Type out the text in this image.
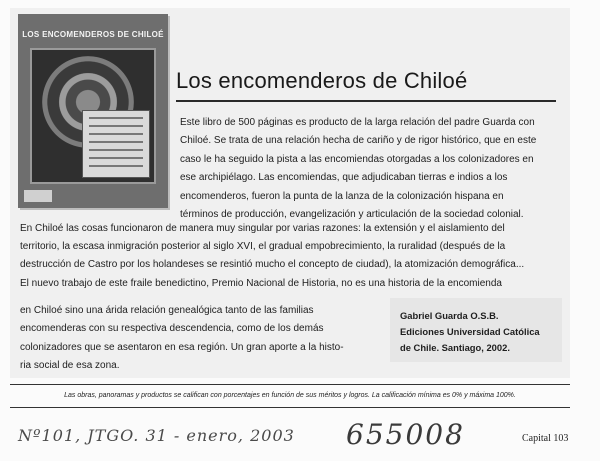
LOS ENCOMENDEROS DE CHILOÉ
Los encomenderos de Chiloé

Este libro de 500 páginas es producto de la larga relación del padre Guarda con
Chiloé. Se trata de una relación hecha de cariño y de rigor histórico, que en este
caso le ha seguido la pista a las encomiendas otorgadas a los colonizadores en
ese archipiélago. Las encomiendas, que adjudicaban tierras e indios a los
encomenderos, fueron la punta de la lanza de la colonización hispana en
términos de producción, evangelización y articulación de la sociedad colonial.

En Chiloé las cosas funcionaron de manera muy singular por varias razones: la extensión y el aislamiento del
territorio, la escasa inmigración posterior al siglo XVI, el gradual empobrecimiento, la ruralidad (después de la
destrucción de Castro por los holandeses se resintió mucho el concepto de ciudad), la atomización demográfica...
El nuevo trabajo de este fraile benedictino, Premio Nacional de Historia, no es una historia de la encomienda

en Chiloé sino una árida relación genealógica tanto de las familias
encomenderas con su respectiva descendencia, como de los demás
colonizadores que se asentaron en esa región. Un gran aporte a la histo-
ria social de esa zona.

Gabriel Guarda O.S.B.
Ediciones Universidad Católica
de Chile. Santiago, 2002.
Las obras, panoramas y productos se califican con porcentajes en función de sus méritos y logros. La calificación mínima es 0% y máxima 100%.
Nº101, JTGO. 31 - enero, 2003 655008	Capital 103
